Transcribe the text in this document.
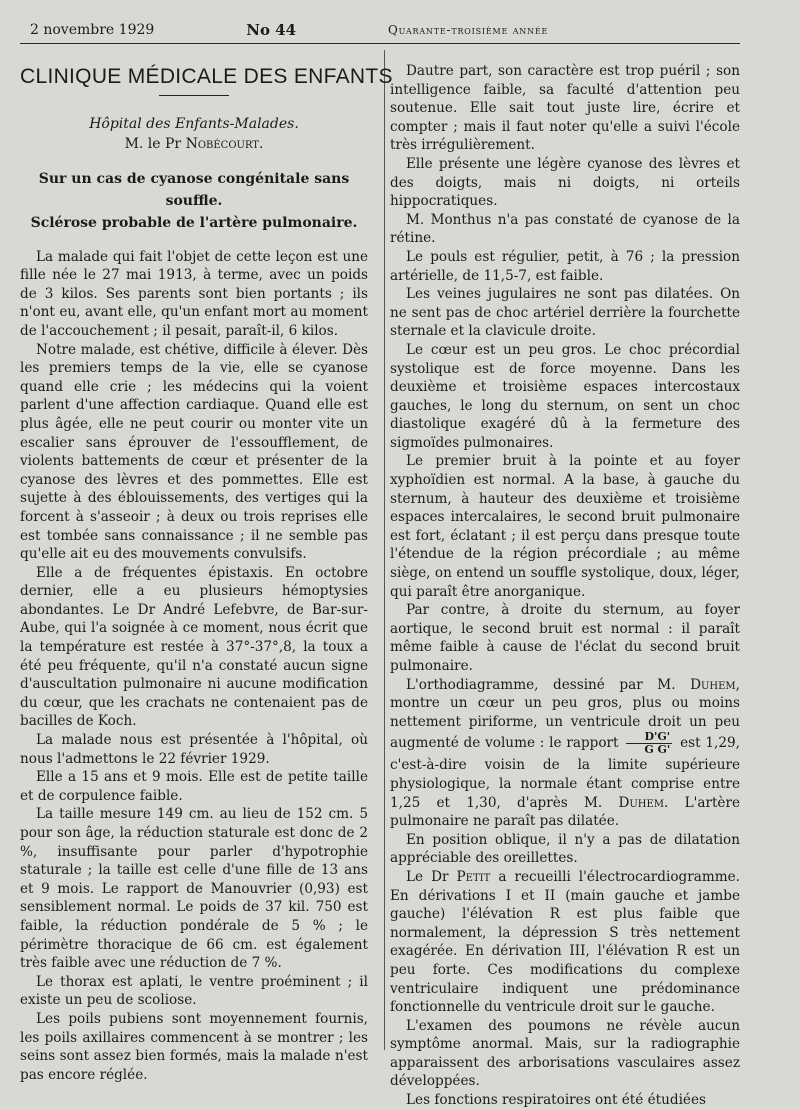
2 novembre 1929	No 44	Quarante-troisième année
CLINIQUE MÉDICALE DES ENFANTS
Hôpital des Enfants-Malades.
M. le Pr Nobécourt.
Sur un cas de cyanose congénitale sans souffle.
Sclérose probable de l'artère pulmonaire.

La malade qui fait l'objet de cette leçon est une fille née le 27 mai 1913, à terme, avec un poids de 3 kilos. Ses parents sont bien portants ; ils n'ont eu, avant elle, qu'un enfant mort au moment de l'accouchement ; il pesait, paraît-il, 6 kilos.

Notre malade, est chétive, difficile à élever. Dès les premiers temps de la vie, elle se cyanose quand elle crie ; les médecins qui la voient parlent d'une affection cardiaque. Quand elle est plus âgée, elle ne peut courir ou monter vite un escalier sans éprouver de l'essoufflement, de violents battements de cœur et présenter de la cyanose des lèvres et des pommettes. Elle est sujette à des éblouissements, des vertiges qui la forcent à s'asseoir ; à deux ou trois reprises elle est tombée sans connaissance ; il ne semble pas qu'elle ait eu des mouvements convulsifs.

Elle a de fréquentes épistaxis. En octobre dernier, elle a eu plusieurs hémoptysies abondantes. Le Dr André Lefebvre, de Bar-sur-Aube, qui l'a soignée à ce moment, nous écrit que la température est restée à 37°-37°,8, la toux a été peu fréquente, qu'il n'a constaté aucun signe d'auscultation pulmonaire ni aucune modification du cœur, que les crachats ne contenaient pas de bacilles de Koch.

La malade nous est présentée à l'hôpital, où nous l'admettons le 22 février 1929.

Elle a 15 ans et 9 mois. Elle est de petite taille et de corpulence faible.

La taille mesure 149 cm. au lieu de 152 cm. 5 pour son âge, la réduction staturale est donc de 2 %, insuffisante pour parler d'hypotrophie staturale ; la taille est celle d'une fille de 13 ans et 9 mois. Le rapport de Manouvrier (0,93) est sensiblement normal. Le poids de 37 kil. 750 est faible, la réduction pondérale de 5 % ; le périmètre thoracique de 66 cm. est également très faible avec une réduction de 7 %.

Le thorax est aplati, le ventre proéminent ; il existe un peu de scoliose.

Les poils pubiens sont moyennement fournis, les poils axillaires commencent à se montrer ; les seins sont assez bien formés, mais la malade n'est pas encore réglée.

Dautre part, son caractère est trop puéril ; son intelligence faible, sa faculté d'attention peu soutenue. Elle sait tout juste lire, écrire et compter ; mais il faut noter qu'elle a suivi l'école très irrégulièrement.

Elle présente une légère cyanose des lèvres et des doigts, mais ni doigts, ni orteils hippocratiques.

M. Monthus n'a pas constaté de cyanose de la rétine.

Le pouls est régulier, petit, à 76 ; la pression artérielle, de 11,5-7, est faible.

Les veines jugulaires ne sont pas dilatées. On ne sent pas de choc artériel derrière la fourchette sternale et la clavicule droite.

Le cœur est un peu gros. Le choc précordial systolique est de force moyenne. Dans les deuxième et troisième espaces intercostaux gauches, le long du sternum, on sent un choc diastolique exagéré dû à la fermeture des sigmoïdes pulmonaires.

Le premier bruit à la pointe et au foyer xyphoïdien est normal. A la base, à gauche du sternum, à hauteur des deuxième et troisième espaces intercalaires, le second bruit pulmonaire est fort, éclatant ; il est perçu dans presque toute l'étendue de la région précordiale ; au même siège, on entend un souffle systolique, doux, léger, qui paraît être anorganique.

Par contre, à droite du sternum, au foyer aortique, le second bruit est normal : il paraît même faible à cause de l'éclat du second bruit pulmonaire.

L'orthodiagramme, dessiné par M. Duhem, montre un cœur un peu gros, plus ou moins nettement piriforme, un ventricule droit un peu augmenté de volume : le rapport $\frac{D'G'}{\text{G G'}}$ est 1,29, c'est-à-dire voisin de la limite supérieure physiologique, la normale étant comprise entre 1,25 et 1,30, d'après M. Duhem. L'artère pulmonaire ne paraît pas dilatée.

En position oblique, il n'y a pas de dilatation appréciable des oreillettes.

Le Dr Petit a recueilli l'électrocardiogramme. En dérivations I et II (main gauche et jambe gauche) l'élévation R est plus faible que normalement, la dépression S très nettement exagérée. En dérivation III, l'élévation R est un peu forte. Ces modifications du complexe ventriculaire indiquent une prédominance fonctionnelle du ventricule droit sur le gauche.

L'examen des poumons ne révèle aucun symptôme anormal. Mais, sur la radiographie apparaissent des arborisations vasculaires assez développées.

Les fonctions respiratoires ont été étudiées
